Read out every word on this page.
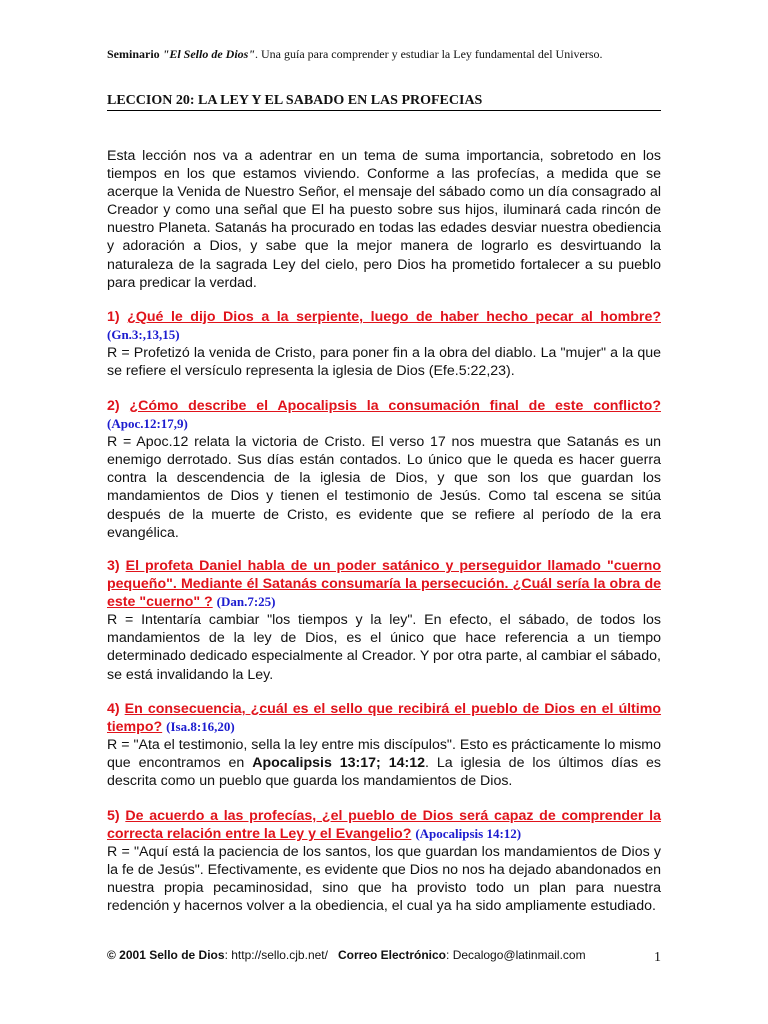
Seminario "El Sello de Dios". Una guía para comprender y estudiar la Ley fundamental del Universo.
LECCION 20: LA LEY Y EL SABADO EN LAS PROFECIAS
Esta lección nos va a adentrar en un tema de suma importancia, sobretodo en los tiempos en los que estamos viviendo. Conforme a las profecías, a medida que se acerque la Venida de Nuestro Señor, el mensaje del sábado como un día consagrado al Creador y como una señal que El ha puesto sobre sus hijos, iluminará cada rincón de nuestro Planeta. Satanás ha procurado en todas las edades desviar nuestra obediencia y adoración a Dios, y sabe que la mejor manera de lograrlo es desvirtuando la naturaleza de la sagrada Ley del cielo, pero Dios ha prometido fortalecer a su pueblo para predicar la verdad.
1) ¿Qué le dijo Dios a la serpiente, luego de haber hecho pecar al hombre? (Gn.3:,13,15)
R = Profetizó la venida de Cristo, para poner fin a la obra del diablo. La "mujer" a la que se refiere el versículo representa la iglesia de Dios (Efe.5:22,23).
2) ¿Cómo describe el Apocalipsis la consumación final de este conflicto? (Apoc.12:17,9)
R = Apoc.12 relata la victoria de Cristo. El verso 17 nos muestra que Satanás es un enemigo derrotado. Sus días están contados. Lo único que le queda es hacer guerra contra la descendencia de la iglesia de Dios, y que son los que guardan los mandamientos de Dios y tienen el testimonio de Jesús. Como tal escena se sitúa después de la muerte de Cristo, es evidente que se refiere al período de la era evangélica.
3) El profeta Daniel habla de un poder satánico y perseguidor llamado "cuerno pequeño". Mediante él Satanás consumaría la persecución. ¿Cuál sería la obra de este "cuerno" ? (Dan.7:25)
R = Intentaría cambiar "los tiempos y la ley". En efecto, el sábado, de todos los mandamientos de la ley de Dios, es el único que hace referencia a un tiempo determinado dedicado especialmente al Creador. Y por otra parte, al cambiar el sábado, se está invalidando la Ley.
4) En consecuencia, ¿cuál es el sello que recibirá el pueblo de Dios en el último tiempo? (Isa.8:16,20)
R = "Ata el testimonio, sella la ley entre mis discípulos". Esto es prácticamente lo mismo que encontramos en Apocalipsis 13:17; 14:12. La iglesia de los últimos días es descrita como un pueblo que guarda los mandamientos de Dios.
5) De acuerdo a las profecías, ¿el pueblo de Dios será capaz de comprender la correcta relación entre la Ley y el Evangelio? (Apocalipsis 14:12)
R = "Aquí está la paciencia de los santos, los que guardan los mandamientos de Dios y la fe de Jesús". Efectivamente, es evidente que Dios no nos ha dejado abandonados en nuestra propia pecaminosidad, sino que ha provisto todo un plan para nuestra redención y hacernos volver a la obediencia, el cual ya ha sido ampliamente estudiado.
© 2001 Sello de Dios: http://sello.cjb.net/ Correo Electrónico: Decalogo@latinmail.com	1
